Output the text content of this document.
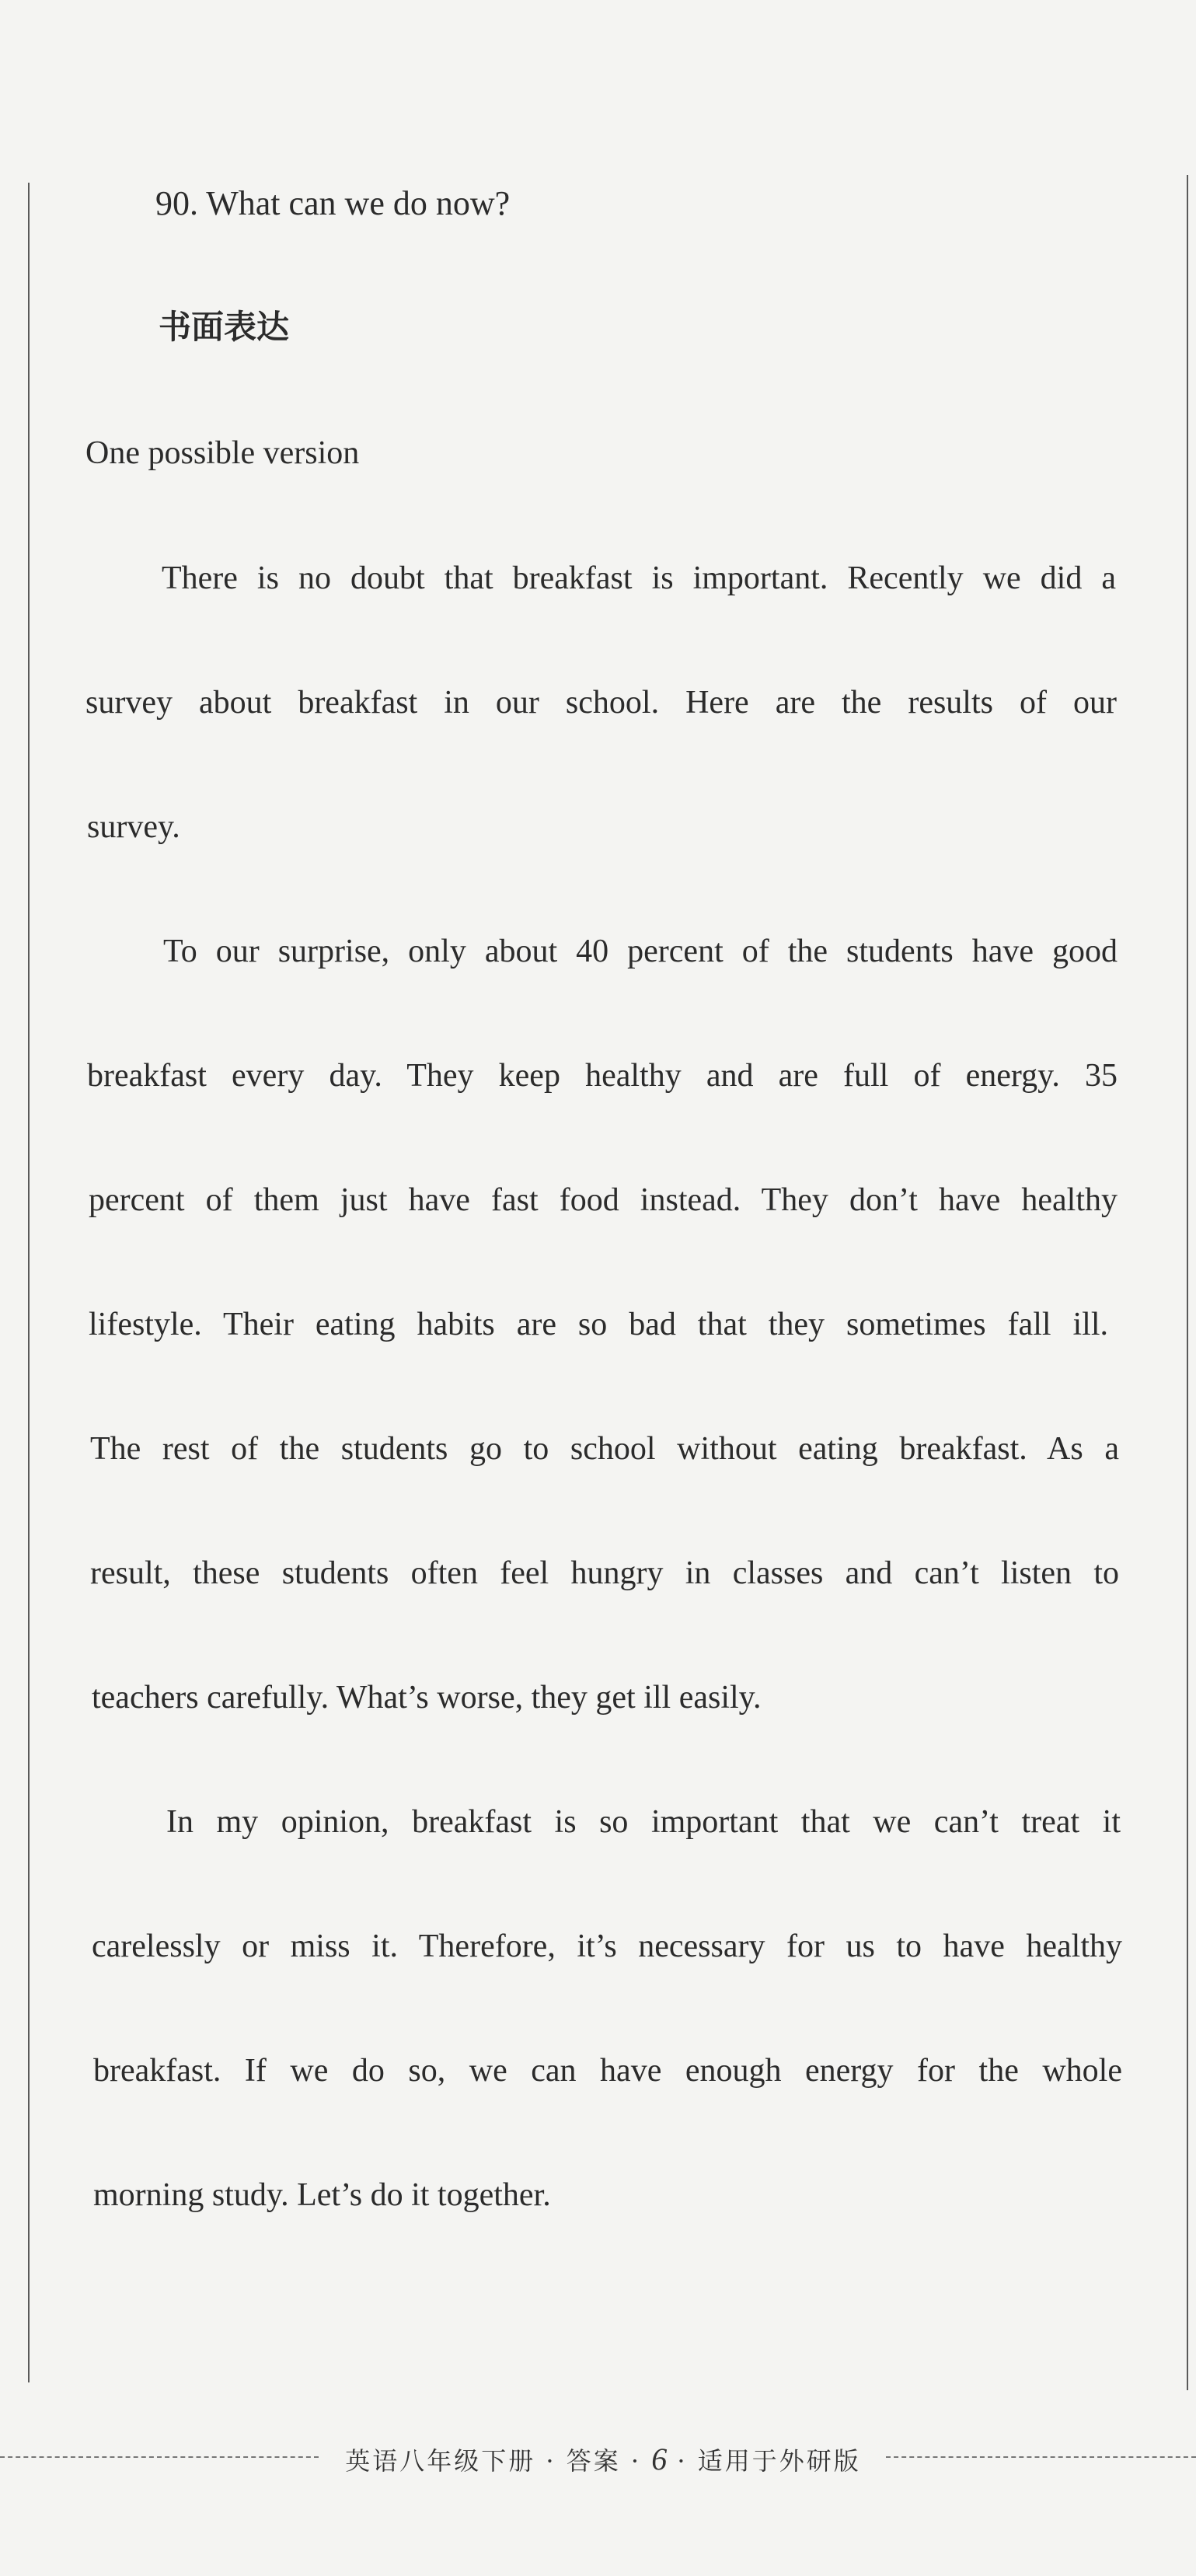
90. What can we do now?
书面表达
One possible version
There is no doubt that breakfast is important. Recently we did a
survey about breakfast in our school. Here are the results of our
survey.
To our surprise, only about 40 percent of the students have good
breakfast every day. They keep healthy and are full of energy. 35
percent of them just have fast food instead. They don’t have healthy
lifestyle. Their eating habits are so bad that they sometimes fall ill.
The rest of the students go to school without eating breakfast. As a
result, these students often feel hungry in classes and can’t listen to
teachers carefully. What’s worse, they get ill easily.
In my opinion, breakfast is so important that we can’t treat it
carelessly or miss it. Therefore, it’s necessary for us to have healthy
breakfast. If we do so, we can have enough energy for the whole
morning study. Let’s do it together.
英语八年级下册 · 答案 · 6 · 适用于外研版
